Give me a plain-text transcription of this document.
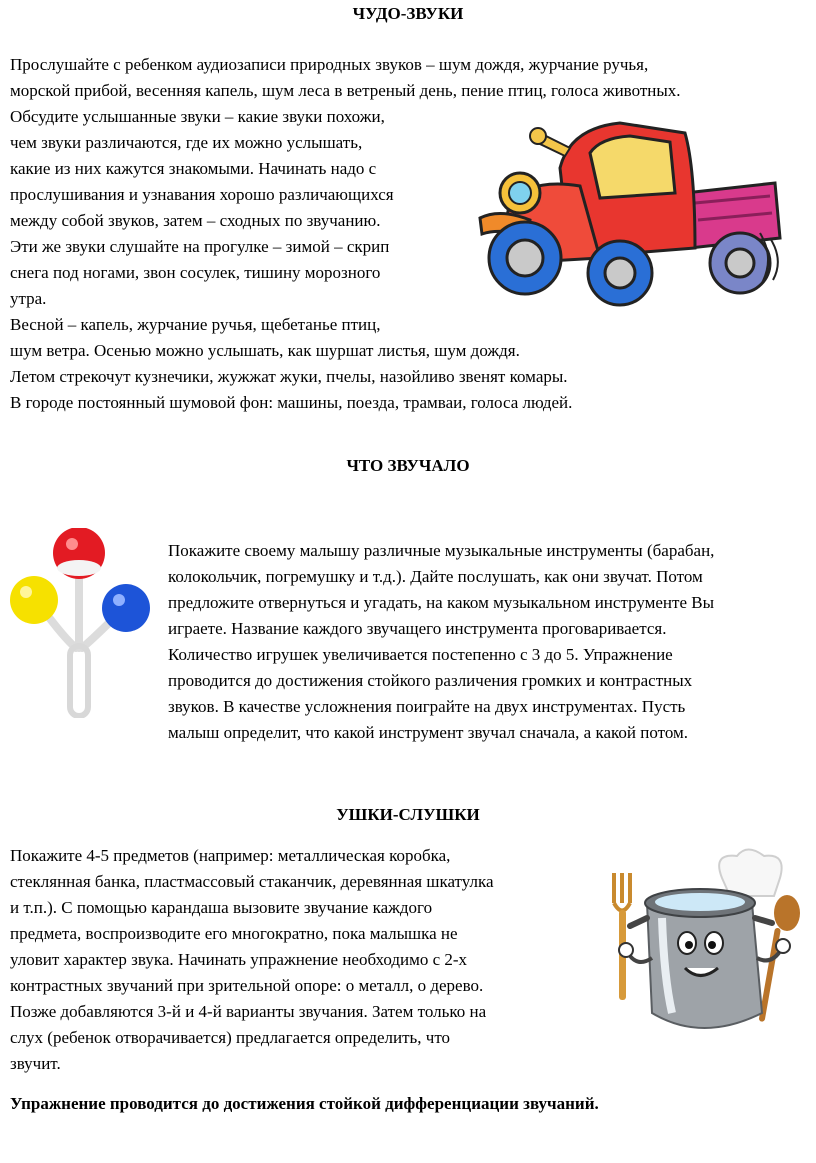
ЧУДО-ЗВУКИ
Прослушайте с ребенком аудиозаписи природных звуков – шум дождя, журчание ручья,
морской прибой, весенняя капель, шум леса в ветреный день, пение птиц, голоса животных.
Обсудите услышанные звуки – какие звуки похожи,
чем звуки различаются, где их можно услышать,
какие из них кажутся знакомыми. Начинать надо с
прослушивания и узнавания хорошо различающихся
между собой звуков, затем – сходных по звучанию.
Эти же звуки слушайте на прогулке – зимой – скрип
снега под ногами, звон сосулек, тишину морозного
утра.
Весной – капель, журчание ручья, щебетанье птиц,
шум ветра. Осенью можно услышать, как шуршат листья, шум дождя.
Летом стрекочут кузнечики, жужжат жуки, пчелы, назойливо звенят комары.
В городе постоянный шумовой фон: машины, поезда, трамваи, голоса людей.
ЧТО ЗВУЧАЛО
Покажите своему малышу различные музыкальные инструменты (барабан,
колокольчик, погремушку и т.д.). Дайте послушать, как они звучат. Потом
предложите отвернуться и угадать, на каком музыкальном инструменте Вы
играете. Название каждого звучащего инструмента проговаривается.
Количество игрушек увеличивается постепенно с 3 до 5. Упражнение
проводится до достижения стойкого различения громких и контрастных
звуков. В качестве усложнения поиграйте на двух инструментах. Пусть
малыш определит, что какой инструмент звучал сначала, а какой потом.
УШКИ-СЛУШКИ
Покажите 4-5 предметов (например: металлическая коробка,
стеклянная банка, пластмассовый стаканчик, деревянная шкатулка
и т.п.). С помощью карандаша вызовите звучание каждого
предмета, воспроизводите его многократно, пока малышка не
уловит характер звука. Начинать упражнение необходимо с 2-х
контрастных звучаний при зрительной опоре: о металл, о дерево.
Позже добавляются 3-й и 4-й варианты звучания. Затем только на
слух (ребенок отворачивается) предлагается определить, что
звучит.
Упражнение проводится до достижения стойкой дифференциации звучаний.
